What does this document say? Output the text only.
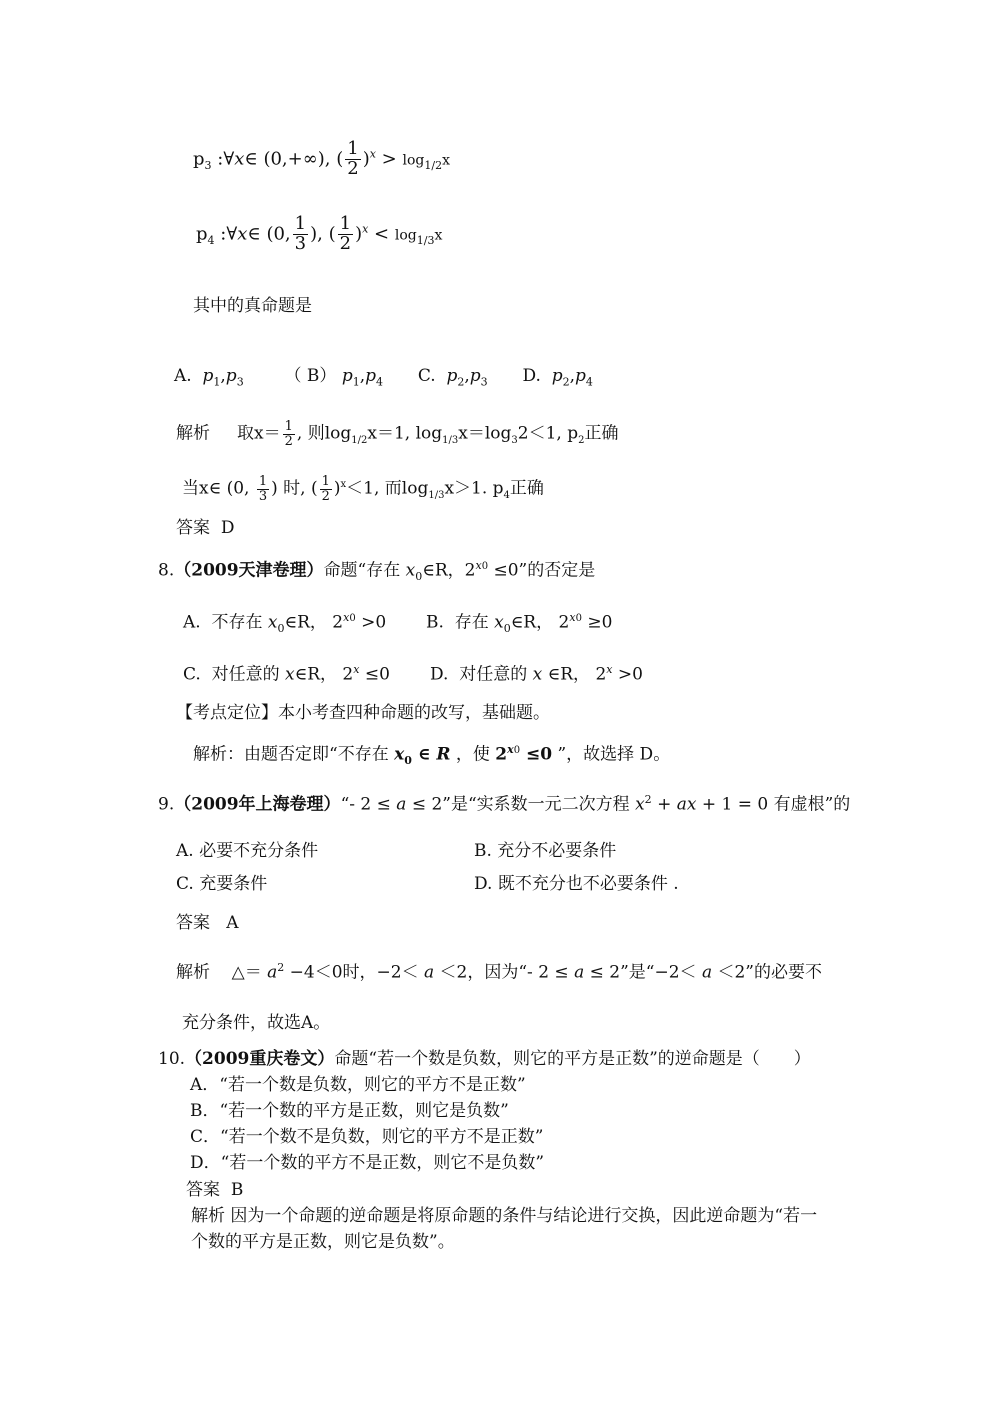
$p_3$ :∀x∈ (0,+∞), ( $\frac{1}{2} )^x > \log_{1/2}x$
$p_4$ :∀x∈ (0, $\frac{1}{3}$ ), ( $\frac{1}{2} )^x < \log_{1/3}x$
其中的真命题是
A. $p_1,p_3$ （ B） $p_1,p_4$ C. $p_2,p_3$ D. $p_2,p_4$
解析 取$x= \frac{1}{2}$ , 则$\log_{1/2}x=1$, $\log_{1/3}x=\log_32<1$, $p_2$正确
当x∈ (0, $\frac{1}{3}$ ) 时, ( $\frac{1}{2} )^x<1$, 而$\log_{1/3}x>1$. $p_4$正确
答案 D
8.（2009天津卷理）命题“存在 $x_0\in R$，$2^{x0} \le 0$”的否定是
A. 不存在 $x_0\in R$， $2^{x0} >0$ B. 存在 $x_0\in R$， $2^{x0} \ge 0$
C. 对任意的 x∈R， $2^x \le 0$ D. 对任意的 x ∈R， $2^x >0$
【考点定位】本小考查四种命题的改写，基础题。
解析：由题否定即“不存在 $x_0$ ∈ R ，使 $2^{x0} \le 0$ ”，故选择 D。
9.（2009年上海卷理）“- 2 ≤ a ≤ 2”是“实系数一元二次方程 $x^2$ + ax + 1 = 0 有虚根”的
A. 必要不充分条件	B. 充分不必要条件
C. 充要条件	D. 既不充分也不必要条件 .
答案 A
解析 △＝ $a^2 -4<0$时，−2＜ a ＜2，因为“- 2 ≤ a ≤ 2”是“−2＜ a ＜2”的必要不
充分条件，故选A。
10.（2009重庆卷文）命题“若一个数是负数，则它的平方是正数”的逆命题是（　　）
A．“若一个数是负数，则它的平方不是正数”
B．“若一个数的平方是正数，则它是负数”
C．“若一个数不是负数，则它的平方不是正数”
D．“若一个数的平方不是正数，则它不是负数”
答案 B
解析 因为一个命题的逆命题是将原命题的条件与结论进行交换，因此逆命题为“若一
个数的平方是正数，则它是负数”。
